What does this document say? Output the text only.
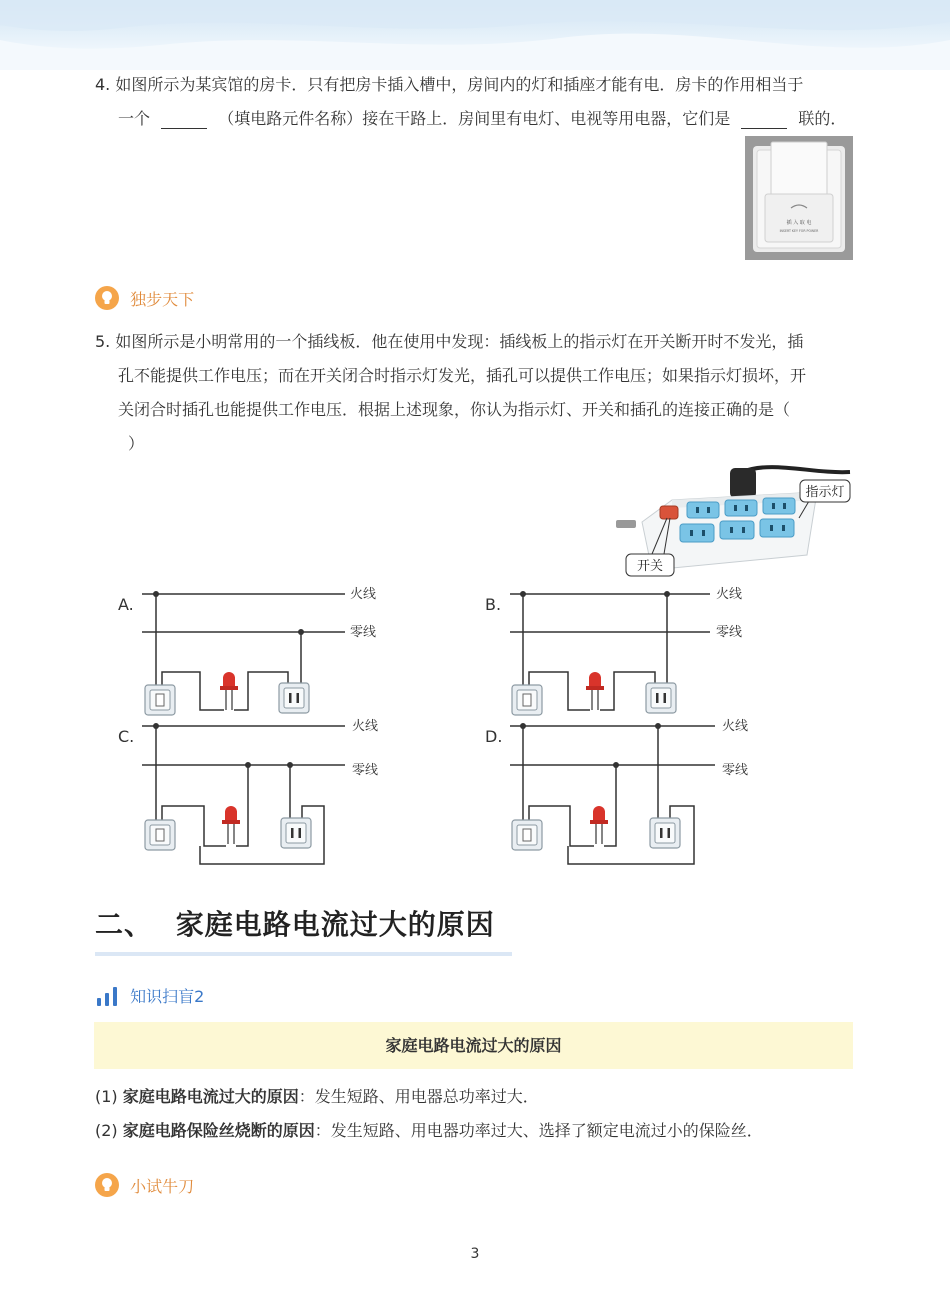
4. 如图所示为某宾馆的房卡．只有把房卡插入槽中，房间内的灯和插座才能有电．房卡的作用相当于
一个	（填电路元件名称）接在干路上．房间里有电灯、电视等用电器，它们是	联的．
插 入 取 电
INSERT KEY FOR POWER
独步天下
5. 如图所示是小明常用的一个插线板．他在使用中发现：插线板上的指示灯在开关断开时不发光，插
孔不能提供工作电压；而在开关闭合时指示灯发光，插孔可以提供工作电压；如果指示灯损坏，开
关闭合时插孔也能提供工作电压．根据上述现象，你认为指示灯、开关和插孔的连接正确的是（
）
指示灯
开关
A.
火线
零线
B.
火线
零线
C.
火线
零线
D.
火线
零线
二、 家庭电路电流过大的原因
知识扫盲2
家庭电路电流过大的原因
(1) 家庭电路电流过大的原因：发生短路、用电器总功率过大．
(2) 家庭电路保险丝烧断的原因：发生短路、用电器功率过大、选择了额定电流过小的保险丝．
小试牛刀
3
